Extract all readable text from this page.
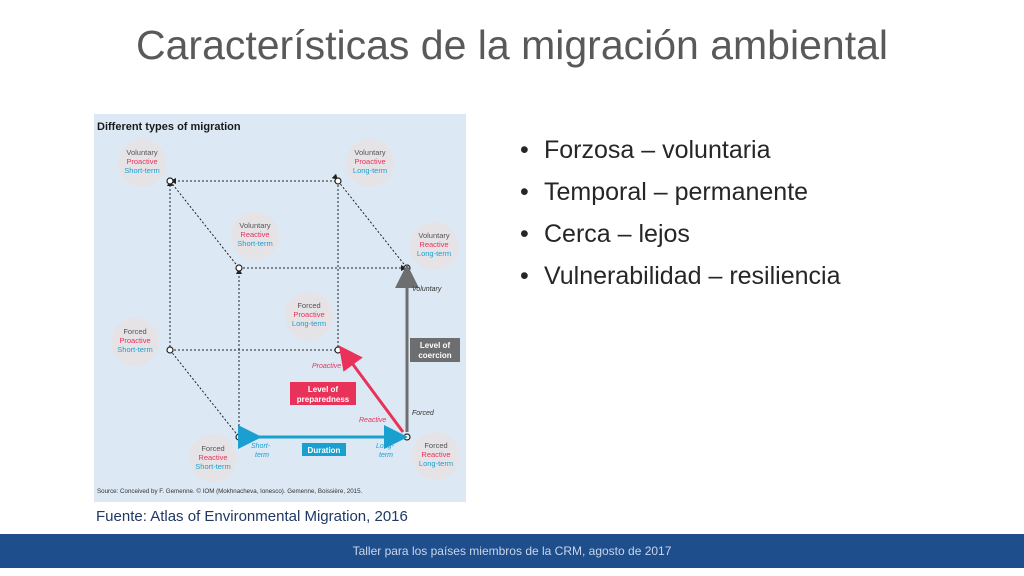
Características de la migración ambiental
Different types of migration
Level of
coercion
Level of
preparedness
Duration
Voluntary
Forced
Proactive
Reactive
Short-
term
Long-
term
Voluntary
Proactive
Short-term
Voluntary
Proactive
Long-term
Voluntary
Reactive
Short-term
Voluntary
Reactive
Long-term
Forced
Proactive
Long-term
Forced
Proactive
Short-term
Forced
Reactive
Short-term
Forced
Reactive
Long-term
Source: Conceived by F. Gemenne. © IOM (Mokhnacheva, Ionesco). Gemenne, Boissière, 2015.
Fuente: Atlas of Environmental Migration, 2016
• Forzosa – voluntaria
• Temporal – permanente
• Cerca – lejos
• Vulnerabilidad – resiliencia
Taller para los países miembros de la CRM, agosto de 2017
